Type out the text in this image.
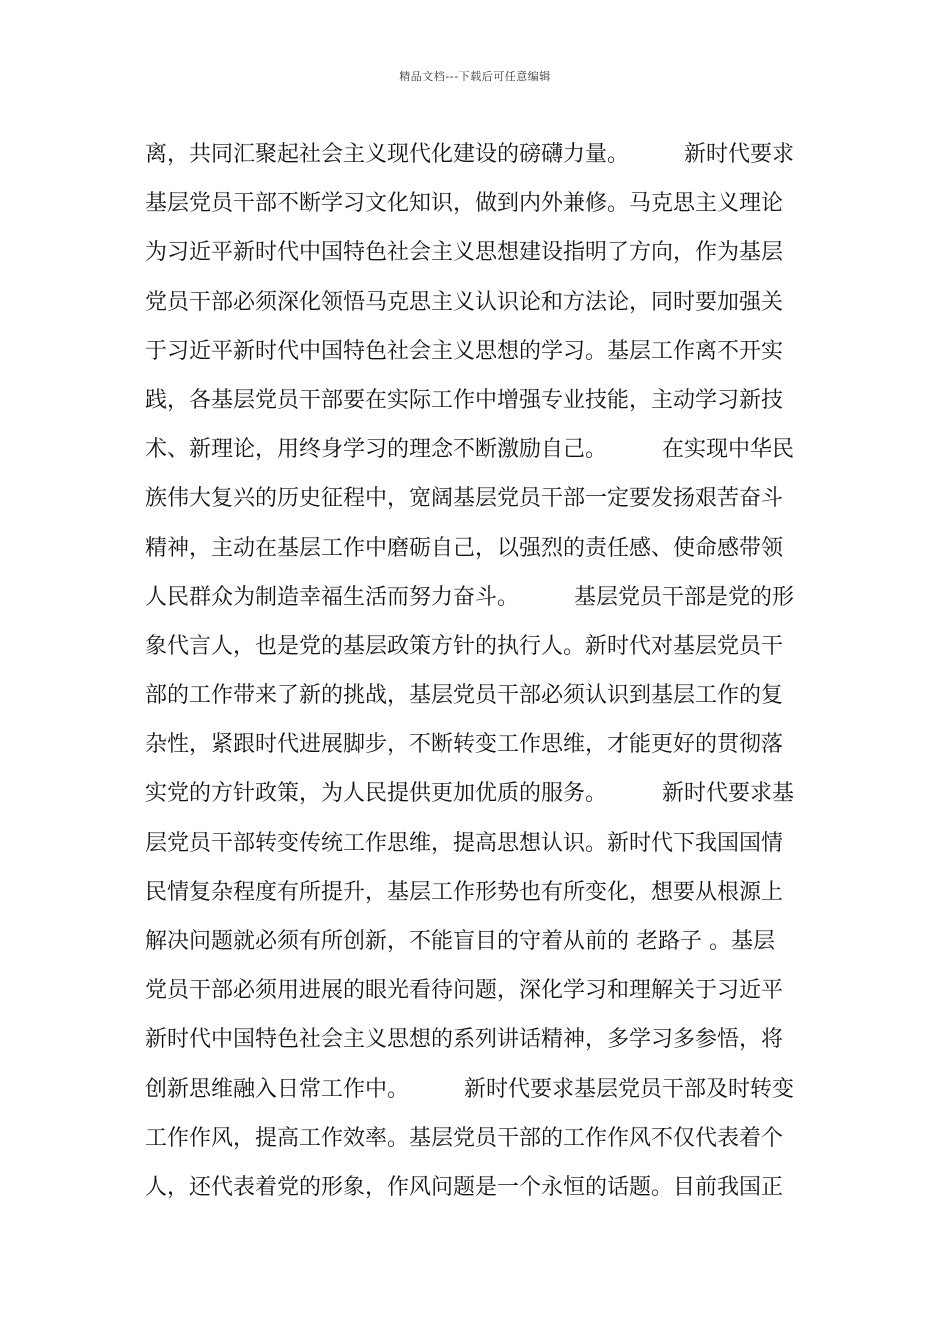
精品文档---下载后可任意编辑
离，共同汇聚起社会主义现代化建设的磅礴力量。　　　新时代要求
基层党员干部不断学习文化知识，做到内外兼修。马克思主义理论
为习近平新时代中国特色社会主义思想建设指明了方向，作为基层
党员干部必须深化领悟马克思主义认识论和方法论，同时要加强关
于习近平新时代中国特色社会主义思想的学习。基层工作离不开实
践，各基层党员干部要在实际工作中增强专业技能，主动学习新技
术、新理论，用终身学习的理念不断激励自己。　　　在实现中华民
族伟大复兴的历史征程中，宽阔基层党员干部一定要发扬艰苦奋斗
精神，主动在基层工作中磨砺自己，以强烈的责任感、使命感带领
人民群众为制造幸福生活而努力奋斗。　　　基层党员干部是党的形
象代言人，也是党的基层政策方针的执行人。新时代对基层党员干
部的工作带来了新的挑战，基层党员干部必须认识到基层工作的复
杂性，紧跟时代进展脚步，不断转变工作思维，才能更好的贯彻落
实党的方针政策，为人民提供更加优质的服务。　　　新时代要求基
层党员干部转变传统工作思维，提高思想认识。新时代下我国国情
民情复杂程度有所提升，基层工作形势也有所变化，想要从根源上
解决问题就必须有所创新，不能盲目的守着从前的 老路子 。基层
党员干部必须用进展的眼光看待问题，深化学习和理解关于习近平
新时代中国特色社会主义思想的系列讲话精神，多学习多参悟，将
创新思维融入日常工作中。　　　新时代要求基层党员干部及时转变
工作作风，提高工作效率。基层党员干部的工作作风不仅代表着个
人，还代表着党的形象，作风问题是一个永恒的话题。目前我国正
